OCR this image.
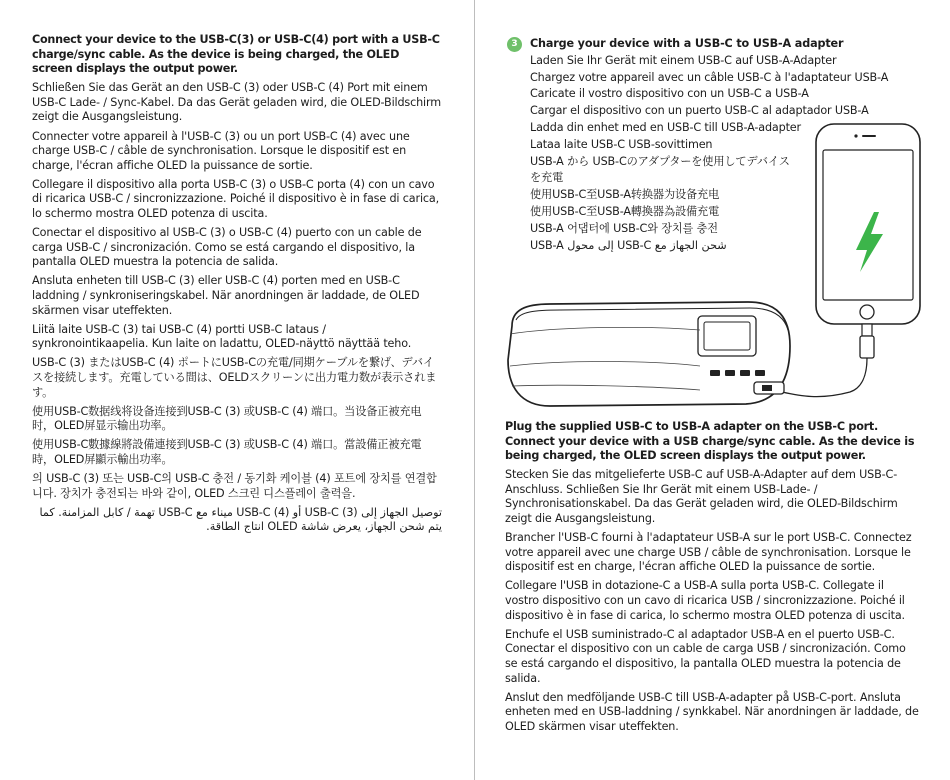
Connect your device to the USB-C(3) or USB-C(4) port with a USB-C charge/sync cable. As the device is being charged, the OLED screen displays the output power.
Schließen Sie das Gerät an den USB-C (3) oder USB-C (4) Port mit einem USB-C Lade- / Sync-Kabel. Da das Gerät geladen wird, die OLED-Bildschirm zeigt die Ausgangsleistung.
Connecter votre appareil à l'USB-C (3) ou un port USB-C (4) avec une charge USB-C / câble de synchronisation. Lorsque le dispositif est en charge, l'écran affiche OLED la puissance de sortie.
Collegare il dispositivo alla porta USB-C (3) o USB-C porta (4) con un cavo di ricarica USB-C / sincronizzazione. Poiché il dispositivo è in fase di carica, lo schermo mostra OLED potenza di uscita.
Conectar el dispositivo al USB-C (3) o USB-C (4) puerto con un cable de carga USB-C / sincronización. Como se está cargando el dispositivo, la pantalla OLED muestra la potencia de salida.
Ansluta enheten till USB-C (3) eller USB-C (4) porten med en USB-C laddning / synkroniseringskabel. När anordningen är laddade, de OLED skärmen visar uteffekten.
Liitä laite USB-C (3) tai USB-C (4) portti USB-C lataus / synkronointikaapelia. Kun laite on ladattu, OLED-näyttö näyttää teho.
USB-C (3) またはUSB-C (4) ポートにUSB-Cの充電/同期ケーブルを繋げ、デバイスを接続します。充電している間は、OELDスクリーンに出力電力数が表示されます。
使用USB-C数据线将设备连接到USB-C (3) 或USB-C (4) 端口。当设备正被充电时，OLED屏显示输出功率。
使用USB-C數據線將設備連接到USB-C (3) 或USB-C (4) 端口。當設備正被充電時，OLED屏顯示輸出功率。
의 USB-C (3) 또는 USB-C의 USB-C 충전 / 동기화 케이블 (4) 포트에 장치를 연결합니다. 장치가 충전되는 바와 같이, OLED 스크린 디스플레이 출력을.
توصيل الجهاز إلى USB-C (3) أو USB-C (4) ميناء مع USB-C تهمة / كابل المزامنة. كما يتم شحن الجهاز، يعرض شاشة OLED انتاج الطاقة.
3	Charge your device with a USB-C to USB-A adapter
Laden Sie Ihr Gerät mit einem USB-C auf USB-A-Adapter
Chargez votre appareil avec un câble USB-C à l'adaptateur USB-A
Caricate il vostro dispositivo con un USB-C a USB-A
Cargar el dispositivo con un puerto USB-C al adaptador USB-A
Ladda din enhet med en USB-C till USB-A-adapter
Lataa laite USB-C USB-sovittimen
USB-A から USB-Cのアダプターを使用してデバイスを充電
使用USB-C至USB-A转换器为设备充电
使用USB-C至USB-A轉換器為設備充電
USB-A 어댑터에 USB-C와 장치를 충전
شحن الجهاز مع USB-C إلى محول USB-A
Plug the supplied USB-C to USB-A adapter on the USB-C port. Connect your device with a USB charge/sync cable. As the device is being charged, the OLED screen displays the output power.
Stecken Sie das mitgelieferte USB-C auf USB-A-Adapter auf dem USB-C-Anschluss. Schließen Sie Ihr Gerät mit einem USB-Lade- / Synchronisationskabel. Da das Gerät geladen wird, die OLED-Bildschirm zeigt die Ausgangsleistung.
Brancher l'USB-C fourni à l'adaptateur USB-A sur le port USB-C. Connectez votre appareil avec une charge USB / câble de synchronisation. Lorsque le dispositif est en charge, l'écran affiche OLED la puissance de sortie.
Collegare l'USB in dotazione-C a USB-A sulla porta USB-C. Collegate il vostro dispositivo con un cavo di ricarica USB / sincronizzazione. Poiché il dispositivo è in fase di carica, lo schermo mostra OLED potenza di uscita.
Enchufe el USB suministrado-C al adaptador USB-A en el puerto USB-C. Conectar el dispositivo con un cable de carga USB / sincronización. Como se está cargando el dispositivo, la pantalla OLED muestra la potencia de salida.
Anslut den medföljande USB-C till USB-A-adapter på USB-C-port. Ansluta enheten med en USB-laddning / synkkabel. När anordningen är laddade, de OLED skärmen visar uteffekten.
